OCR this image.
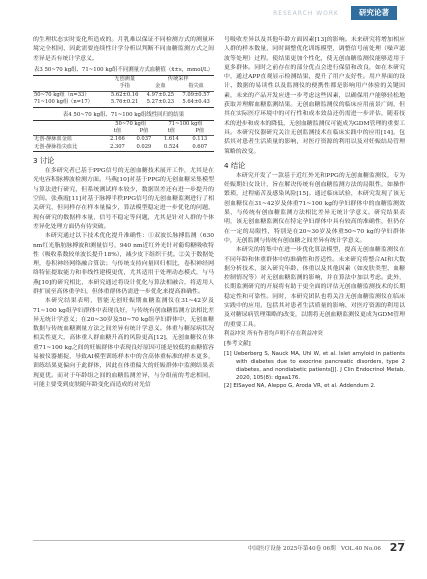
RESEARCH WORK	研究论著

的生理状态实时变化所造成的。月乳难以保证不同检测方式的测量环境完全相同，因此需要连续性计学分析以判断不同血糖监测方式之间差异是否有统计学意义。

表3 50~70 kg组、71~100 kg组不同测量方式血糖值（x̄±s，mmol/L）
	无创测量	传统采样	
	手指	金血	指尖血
50~70 kg组（n=33）	5.62±0.16	4.97±0.25	7.09±0.57
71~100 kg组（n=17）	5.76±0.21	5.27±0.23	5.64±0.43
表4 50~70 kg组、71~100 kg组线性回归的结果
	50~70 kg组		71~100 kg组	
	t值	P值	t值	P值
无创-静脉血金血	2.166	0.037	1.614	0.113
无创-静脉指尖血比	2.307	0.029	0.524	0.607
3 讨论

在多研究者已基于PPG信号的无创血糖技术展开工作，尤其是在光电容积脉搏波检测方面。马燕[10]对基于PPG的无创血糖采集模型与算法进行研究，但系统测试样本较少，数据误差还有进一步提升的空间。张燕霞[11]对基于脉搏半秩PPG信号的无创血糖监测进行了相关研究，但同样存在样本量偏少，算法模型稳定进一步优化的问题，现有研究的数据样本量，信号不稳定等问题，尤其是针对人群的个体差异化处理方面仍有待突破。

本研究通过以下技术优化提升准确性：①双波长脉搏监测（630 nm红光脂肪脉搏波和测量信号，940 nm近红外光针对葡萄糖吸收特性（吸收系数较单波长提升18%），减少皮下组织干扰。②关于数据处理，卷积神经网络融合算法；与传统支持向量回归相比，卷积神经网络特征提取能力和非线性建模更优，尤其适用于处理动态模式，与马燕[10]的研究相比，本研究通过将设计优化与算法相融合，将适用人群扩展至高体重孕妇，但体重群体仍需进一步优化来提高准确性。

本研究结果表明，智能无创妊娠期血糖监测仪在31~42岁及71~100 kg组孕妇群体中表现良好，与传统有创血糖监测方法相比差异无统计学意义；在20~30岁及50~70 kg组孕妇群体中，无创血糖数据与传统血糖测量方法之间差异有统计学意义。体重与糖尿病状况相关性更大，高体重人群血糖升高的风险更高[12]，无创血糖仪在体重71~100 kg之间的妊娠群体中表现良好原因可能是较低的血糖值容易被仪器捕捉，导致AI模型训练样本中的含高体重标准的样本更多，训练结果更偏向于此群体，因此在体重偏大的妊娠群体中监测结果表现更优。而对于年龄组之间的血糖监测差异，与分组前的考虑相同，可能主要受到皮肤随年龄变化而造成的对光信

号吸收差异以及其他年龄方面因素[13]的影响。未来研究将增加相应人群的样本数量，同时调整优化训练模型，调整信号前处理（噪声滤波等处理）过程。使结果更加个性化，使无创血糖监测仪能够适用于更多群体。同时之前存在的部分优点会进行保留和改良，如在本研究中，通过APP直观显示检测结果，提升了用户友好性。用户界面的设计、数据的易读性以及监测仪的便携性都是影响用户体验的关键因素，未来的产品开发应进一步考虑这些因素，以确保用户能够轻松地获取并理解血糖监测结果。无创血糖监测仪的临床应用前景广阔，但其在实际医疗环境中的可行性和成本效益还仍需进一步评估，随着技术的进步和成本的降低，无创血糖监测仪可能成为GDM管理的重要工具。本研究仪器研究关注无创监测技术在临床实践中的应用[14]，包括其对患者生活质量的影响，对医疗资源的利用以及对妊娠结局管理策略的改变。

4 结论

本研究开发了一款基于近红外光和PPG的无创血糖监测仪，专为妊娠期妇女设计，旨在解决传统有创血糖监测方法的局限性，如操作繁琐，过程痛苦及感染风险[15]。通过临床试验，本研究发现了该无创血糖仪在31~42岁及体重71~100 kg的孕妇群体中的血糖监测效果，与传统有创血糖监测方法相比差异无统计学意义。研究结果表明，该无创血糖监测仪在特定孕妇群体中具有较高的准确性，但仍存在一定的局限性，特别是在20~30岁及体重50~70 kg的孕妇群体中，无创监测与传统有创血糖之间差异有统计学意义。

本研究的将集中在进一步优化算法模型，提高无创血糖监测仪在不同年龄和体重群体中的准确性和普适性。未来研究将整合AI和大数据分析技术，深入研究年龄、体重以及其他因素（如皮肤类型、血糖控制情况等）对无创血糖监测的影响，并在算法中加以考虑。此外，长期监测研究的开展将有助于更全面的评估无创血糖监测技术的长期稳定性和可靠性。同时，本研究团队也将关注无创血糖监测仪在临床实践中的应用，包括其对患者生活质量的影响、对医疗资源的利用以及对糖尿病管理策略的改变，以期将无创血糖监测仪更成为GDM管理的重要工具。

利益冲突 所有作者均声明不存在利益冲突
[参考文献]
[1] Ueberberg S, Nauck MA, Uhl W, et al. Islet amyloid in patients with diabetes due to exocrine pancreatic disorders, type 2 diabetes, and nondiabetic patients[J]. J Clin Endocrinol Metab, 2020, 105(8): dgaa176.
[2] ElSayed NA, Aleppo G, Aroda VR, et al. Addendum 2.
中国医疗设备 2025年第40卷 06期 VOL.40 No.06 27
